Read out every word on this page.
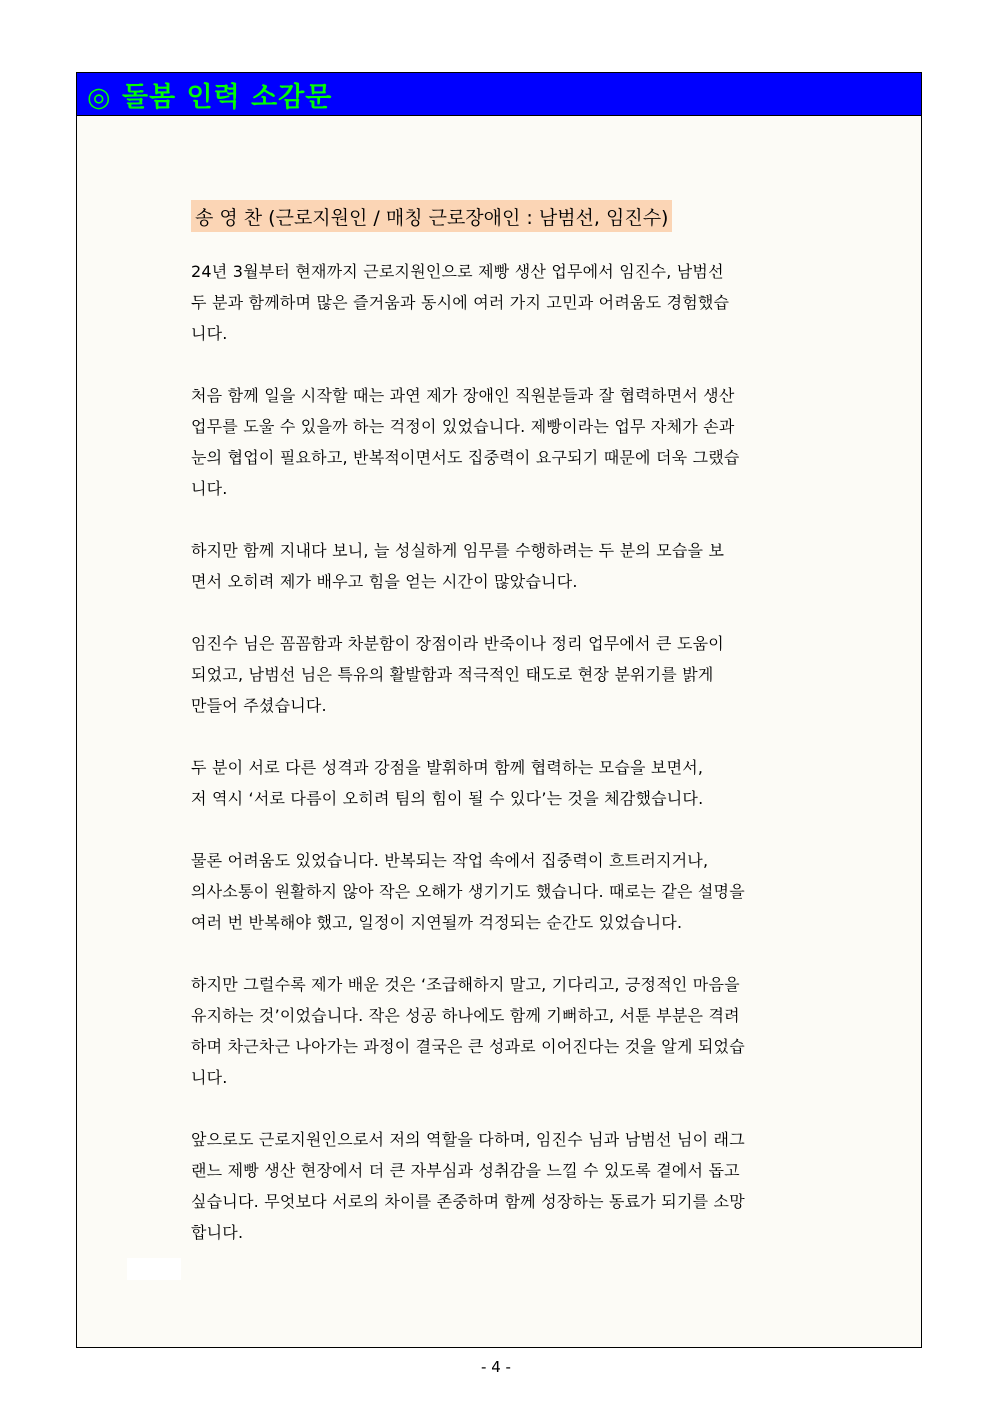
◎ 돌봄 인력 소감문
송 영 찬 (근로지원인 / 매칭 근로장애인 : 남범선, 임진수)

24년 3월부터 현재까지 근로지원인으로 제빵 생산 업무에서 임진수, 남범선
두 분과 함께하며 많은 즐거움과 동시에 여러 가지 고민과 어려움도 경험했습
니다.

처음 함께 일을 시작할 때는 과연 제가 장애인 직원분들과 잘 협력하면서 생산
업무를 도울 수 있을까 하는 걱정이 있었습니다. 제빵이라는 업무 자체가 손과
눈의 협업이 필요하고, 반복적이면서도 집중력이 요구되기 때문에 더욱 그랬습
니다.

하지만 함께 지내다 보니, 늘 성실하게 임무를 수행하려는 두 분의 모습을 보
면서 오히려 제가 배우고 힘을 얻는 시간이 많았습니다.

임진수 님은 꼼꼼함과 차분함이 장점이라 반죽이나 정리 업무에서 큰 도움이
되었고, 남범선 님은 특유의 활발함과 적극적인 태도로 현장 분위기를 밝게
만들어 주셨습니다.

두 분이 서로 다른 성격과 강점을 발휘하며 함께 협력하는 모습을 보면서,
저 역시 ‘서로 다름이 오히려 팀의 힘이 될 수 있다’는 것을 체감했습니다.

물론 어려움도 있었습니다. 반복되는 작업 속에서 집중력이 흐트러지거나,
의사소통이 원활하지 않아 작은 오해가 생기기도 했습니다. 때로는 같은 설명을
여러 번 반복해야 했고, 일정이 지연될까 걱정되는 순간도 있었습니다.

하지만 그럴수록 제가 배운 것은 ‘조급해하지 말고, 기다리고, 긍정적인 마음을
유지하는 것’이었습니다. 작은 성공 하나에도 함께 기뻐하고, 서툰 부분은 격려
하며 차근차근 나아가는 과정이 결국은 큰 성과로 이어진다는 것을 알게 되었습
니다.

앞으로도 근로지원인으로서 저의 역할을 다하며, 임진수 님과 남범선 님이 래그
랜느 제빵 생산 현장에서 더 큰 자부심과 성취감을 느낄 수 있도록 곁에서 돕고
싶습니다. 무엇보다 서로의 차이를 존중하며 함께 성장하는 동료가 되기를 소망
합니다.

- 4 -
